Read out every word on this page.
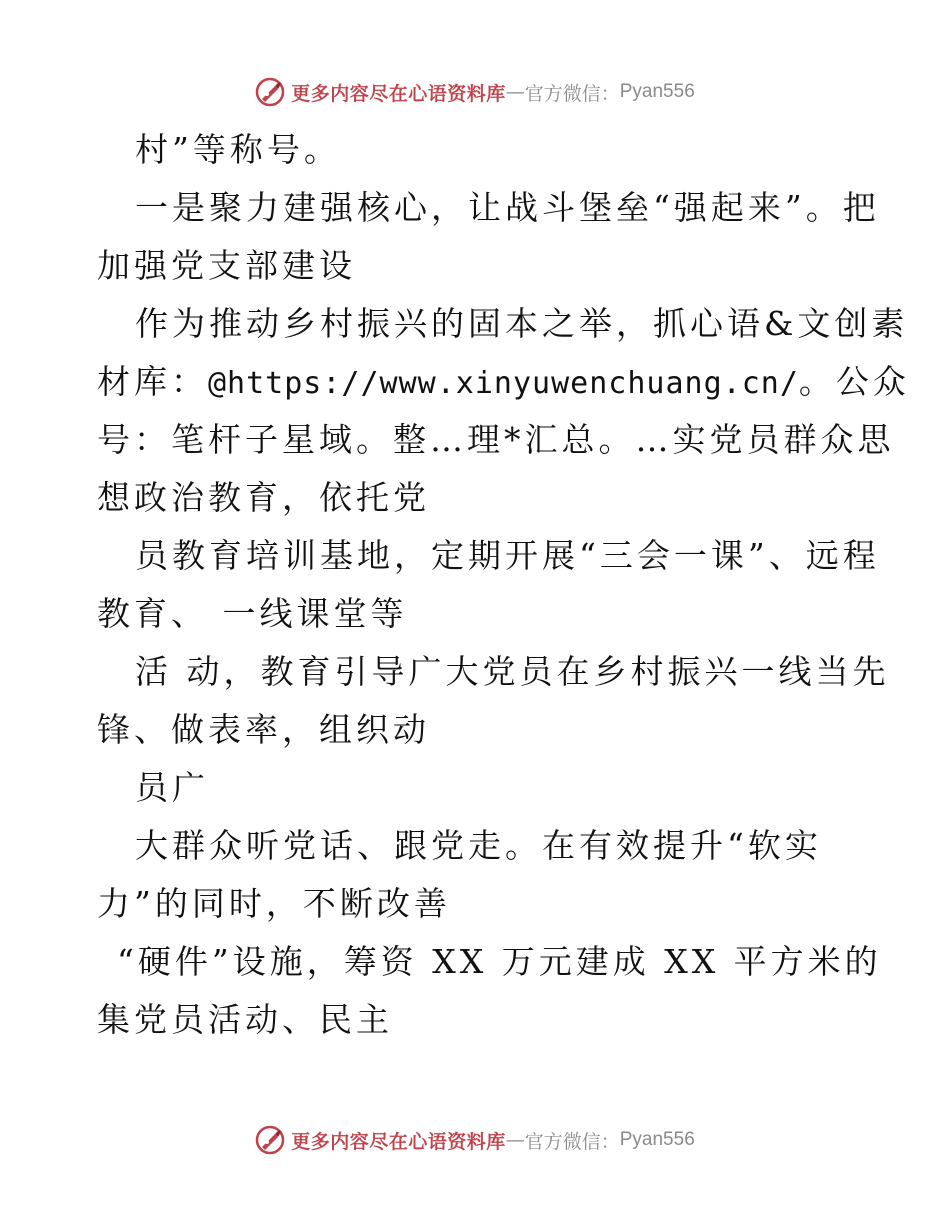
更多内容尽在心语资料库 — 官方微信： Pyan556
村”等称号。
一是聚力建强核心，让战斗堡垒“强起来”。把
加强党支部建设
作为推动乡村振兴的固本之举，抓心语&文创素
材库：@https://www.xinyuwenchuang.cn/。公众
号：笔杆子星域。整…理*汇总。…实党员群众思
想政治教育，依托党
员教育培训基地，定期开展“三会一课”、远程
教育、 一线课堂等
活 动，教育引导广大党员在乡村振兴一线当先
锋、做表率，组织动
员广
大群众听党话、跟党走。在有效提升“软实
力”的同时，不断改善
“硬件”设施，筹资 XX 万元建成 XX 平方米的
集党员活动、民主
更多内容尽在心语资料库 — 官方微信： Pyan556
